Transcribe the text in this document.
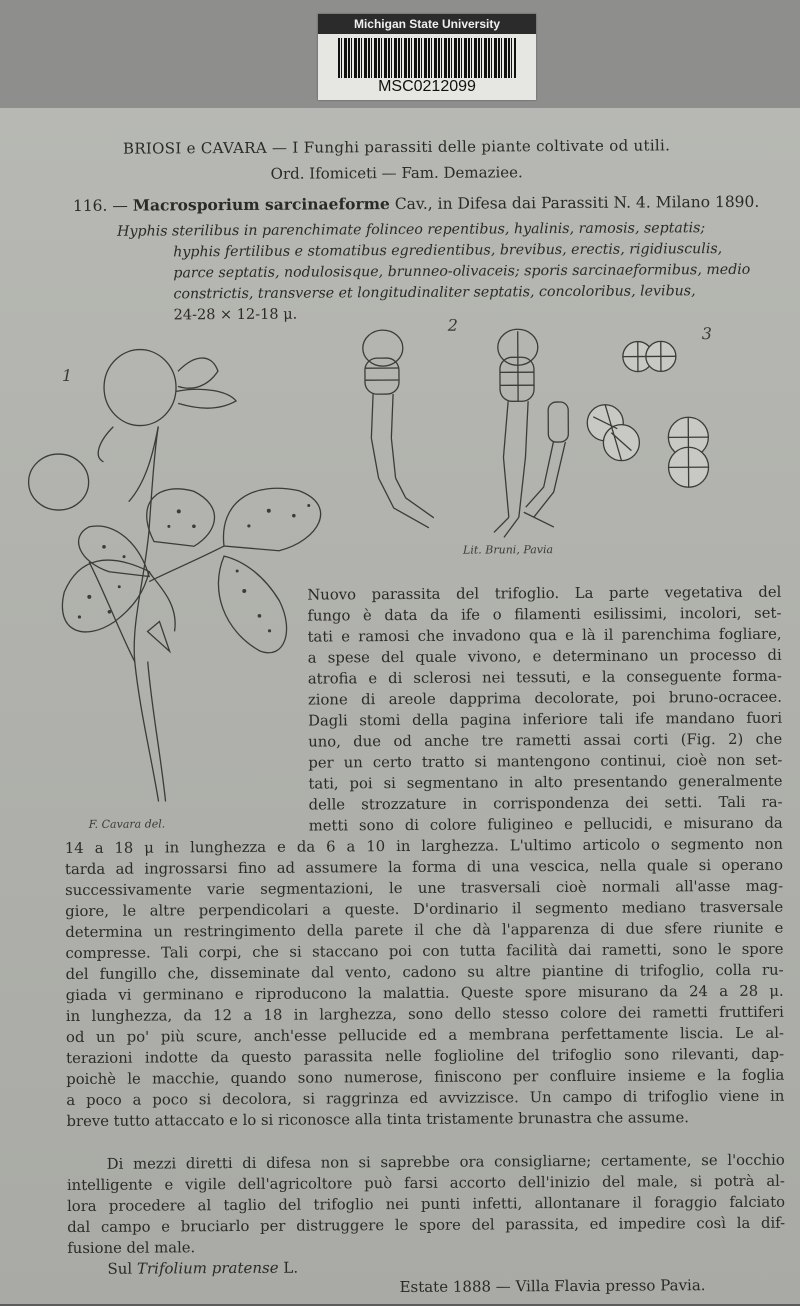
Michigan State University
MSC0212099
BRIOSI e CAVARA — I Funghi parassiti delle piante coltivate od utili.
Ord. Ifomiceti — Fam. Demaziee.
116. — Macrosporium sarcinaeforme Cav., in Difesa dai Parassiti N. 4. Milano 1890.
Hyphis sterilibus in parenchimate folinceo repentibus, hyalinis, ramosis, septatis;
hyphis fertilibus e stomatibus egredientibus, brevibus, erectis, rigidiusculis,
parce septatis, nodulosisque, brunneo-olivaceis; sporis sarcinaeformibus, medio
constrictis, transverse et longitudinaliter septatis, concoloribus, levibus,
24-28 ⨯ 12-18 μ.
1
F. Cavara del.
2
Lit. Bruni, Pavia
3
Nuovo parassita del trifoglio. La parte vegetativa del
fungo è data da ife o filamenti esilissimi, incolori, set-
tati e ramosi che invadono qua e là il parenchima fogliare,
a spese del quale vivono, e determinano un processo di
atrofia e di sclerosi nei tessuti, e la conseguente forma-
zione di areole dapprima decolorate, poi bruno-ocracee.
Dagli stomi della pagina inferiore tali ife mandano fuori
uno, due od anche tre rametti assai corti (Fig. 2) che
per un certo tratto si mantengono continui, cioè non set-
tati, poi si segmentano in alto presentando generalmente
delle strozzature in corrispondenza dei setti. Tali ra-
metti sono di colore fuligineo e pellucidi, e misurano da
14 a 18 μ in lunghezza e da 6 a 10 in larghezza. L'ultimo articolo o segmento non
tarda ad ingrossarsi fino ad assumere la forma di una vescica, nella quale si operano
successivamente varie segmentazioni, le une trasversali cioè normali all'asse mag-
giore, le altre perpendicolari a queste. D'ordinario il segmento mediano trasversale
determina un restringimento della parete il che dà l'apparenza di due sfere riunite e
compresse. Tali corpi, che si staccano poi con tutta facilità dai rametti, sono le spore
del fungillo che, disseminate dal vento, cadono su altre piantine di trifoglio, colla ru-
giada vi germinano e riproducono la malattia. Queste spore misurano da 24 a 28 μ.
in lunghezza, da 12 a 18 in larghezza, sono dello stesso colore dei rametti fruttiferi
od un po' più scure, anch'esse pellucide ed a membrana perfettamente liscia. Le al-
terazioni indotte da questo parassita nelle foglioline del trifoglio sono rilevanti, dap-
poichè le macchie, quando sono numerose, finiscono per confluire insieme e la foglia
a poco a poco si decolora, si raggrinza ed avvizzisce. Un campo di trifoglio viene in
breve tutto attaccato e lo si riconosce alla tinta tristamente brunastra che assume.
Di mezzi diretti di difesa non si saprebbe ora consigliarne; certamente, se l'occhio
intelligente e vigile dell'agricoltore può farsi accorto dell'inizio del male, si potrà al-
lora procedere al taglio del trifoglio nei punti infetti, allontanare il foraggio falciato
dal campo e bruciarlo per distruggere le spore del parassita, ed impedire così la dif-
fusione del male.
Sul Trifolium pratense L.
Estate 1888 — Villa Flavia presso Pavia.
